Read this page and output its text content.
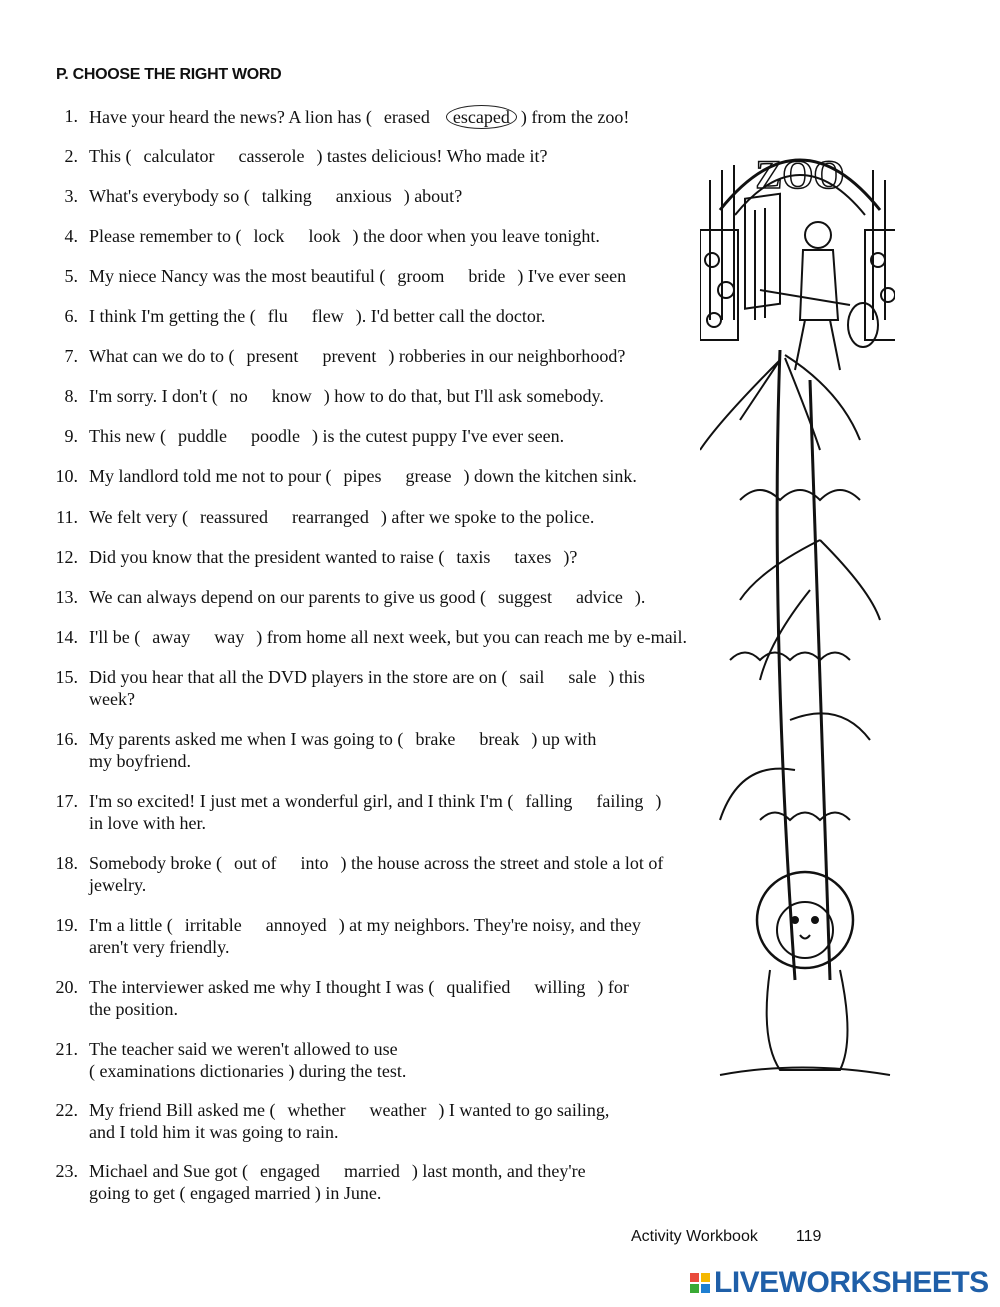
P. CHOOSE THE RIGHT WORD
1. Have your heard the news? A lion has ( erased escaped ) from the zoo!
2. This ( calculator casserole ) tastes delicious! Who made it?
3. What's everybody so ( talking anxious ) about?
4. Please remember to ( lock look ) the door when you leave tonight.
5. My niece Nancy was the most beautiful ( groom bride ) I've ever seen
6. I think I'm getting the ( flu flew ). I'd better call the doctor.
7. What can we do to ( present prevent ) robberies in our neighborhood?
8. I'm sorry. I don't ( no know ) how to do that, but I'll ask somebody.
9. This new ( puddle poodle ) is the cutest puppy I've ever seen.
10. My landlord told me not to pour ( pipes grease ) down the kitchen sink.
11. We felt very ( reassured rearranged ) after we spoke to the police.
12. Did you know that the president wanted to raise ( taxis taxes )?
13. We can always depend on our parents to give us good ( suggest advice ).
14. I'll be ( away way ) from home all next week, but you can reach me by e-mail.
15. Did you hear that all the DVD players in the store are on ( sail sale ) this
week?
16. My parents asked me when I was going to ( brake break ) up with
my boyfriend.
17. I'm so excited! I just met a wonderful girl, and I think I'm ( falling failing )
in love with her.
18. Somebody broke ( out of into ) the house across the street and stole a lot of
jewelry.
19. I'm a little ( irritable annoyed ) at my neighbors. They're noisy, and they
aren't very friendly.
20. The interviewer asked me why I thought I was ( qualified willing ) for
the position.
21. The teacher said we weren't allowed to use
( examinations dictionaries ) during the test.
22. My friend Bill asked me ( whether weather ) I wanted to go sailing,
and I told him it was going to rain.
23. Michael and Sue got ( engaged married ) last month, and they're
going to get ( engaged married ) in June.
ZOO
Activity Workbook 119
LIVEWORKSHEETS
